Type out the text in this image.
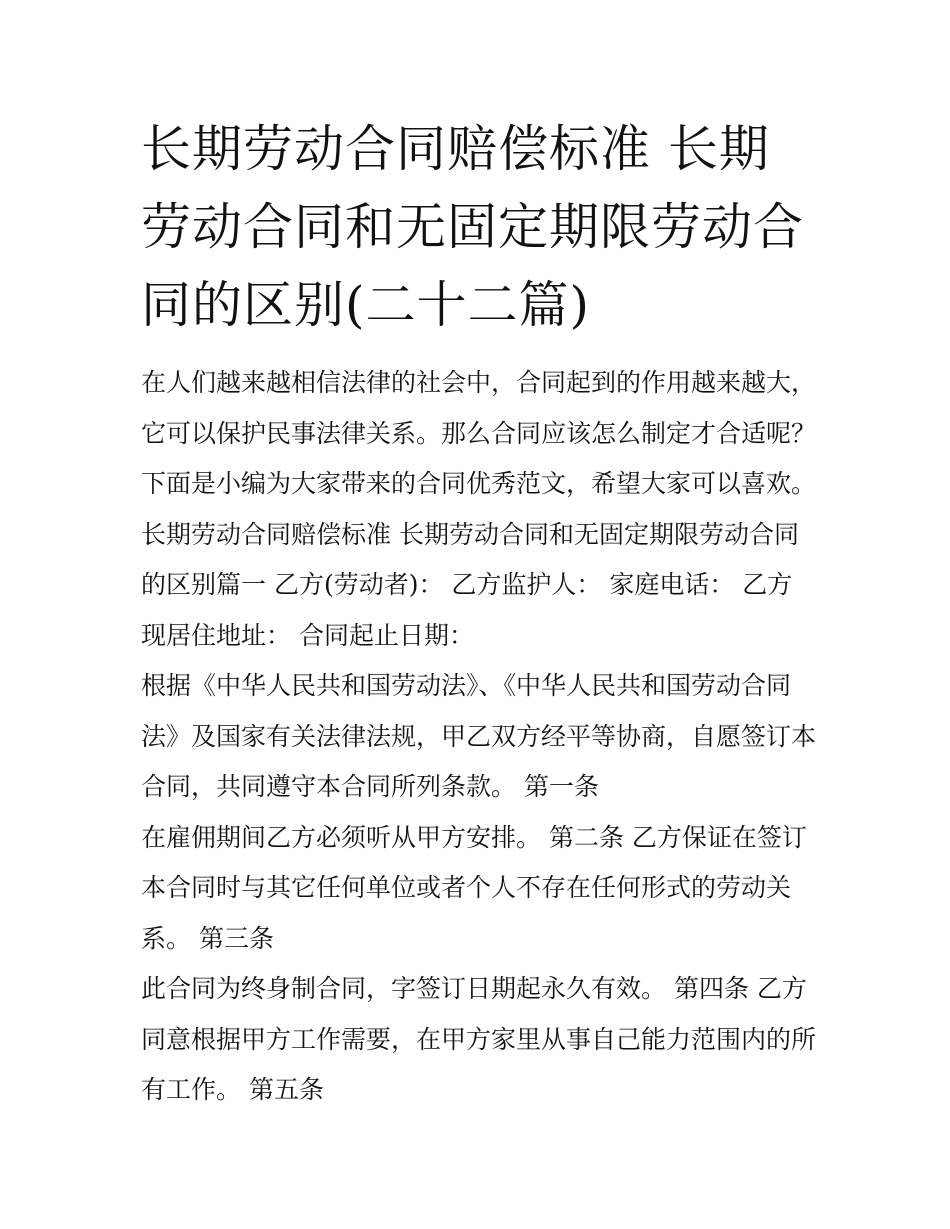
长期劳动合同赔偿标准 长期劳动合同和无固定期限劳动合同的区别(二十二篇)

在人们越来越相信法律的社会中，合同起到的作用越来越大，它可以保护民事法律关系。那么合同应该怎么制定才合适呢？下面是小编为大家带来的合同优秀范文，希望大家可以喜欢。

长期劳动合同赔偿标准 长期劳动合同和无固定期限劳动合同的区别篇一 乙方(劳动者)： 乙方监护人： 家庭电话： 乙方现居住地址： 合同起止日期：

根据《中华人民共和国劳动法》、《中华人民共和国劳动合同法》及国家有关法律法规，甲乙双方经平等协商，自愿签订本合同，共同遵守本合同所列条款。 第一条

在雇佣期间乙方必须听从甲方安排。 第二条 乙方保证在签订本合同时与其它任何单位或者个人不存在任何形式的劳动关系。 第三条

此合同为终身制合同，字签订日期起永久有效。 第四条 乙方同意根据甲方工作需要，在甲方家里从事自己能力范围内的所有工作。 第五条
